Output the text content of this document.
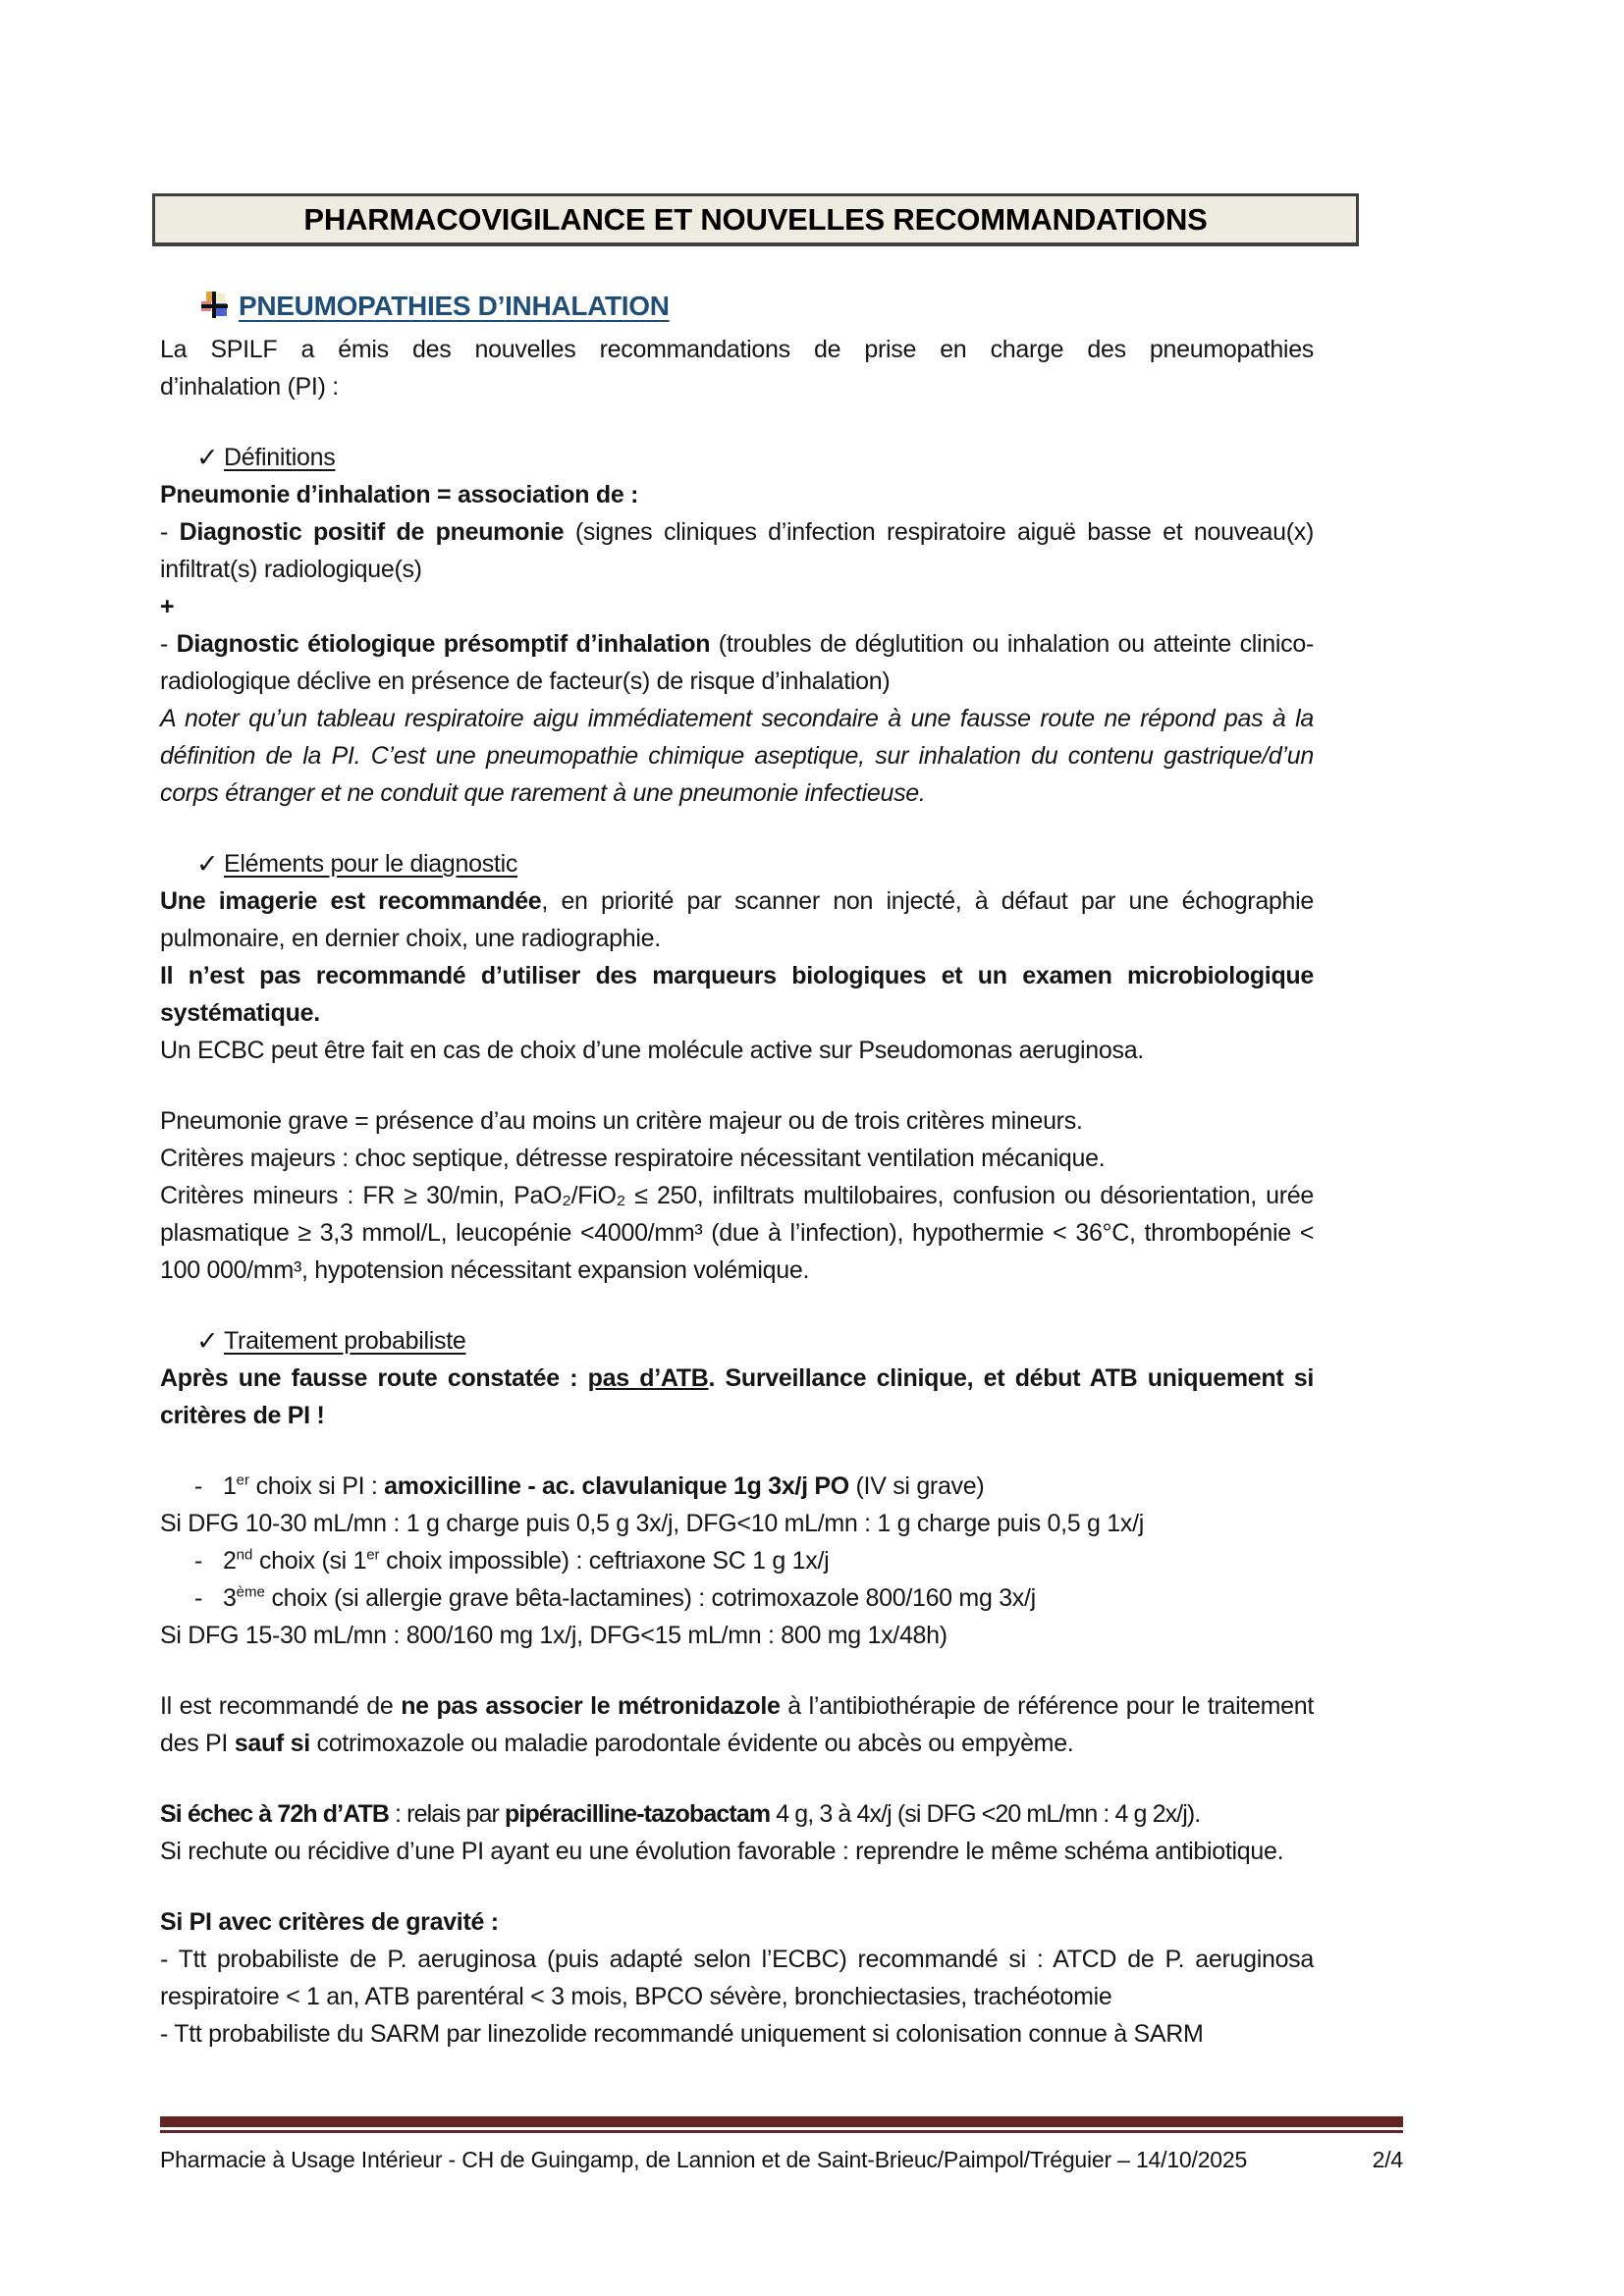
PHARMACOVIGILANCE ET NOUVELLES RECOMMANDATIONS
PNEUMOPATHIES D’INHALATION

La SPILF a émis des nouvelles recommandations de prise en charge des pneumopathies

d’inhalation (PI) :

✓ Définitions

Pneumonie d’inhalation = association de :

- Diagnostic positif de pneumonie (signes cliniques d’infection respiratoire aiguë basse et nouveau(x) infiltrat(s) radiologique(s)

+

- Diagnostic étiologique présomptif d’inhalation (troubles de déglutition ou inhalation ou atteinte clinico-radiologique déclive en présence de facteur(s) de risque d’inhalation)

A noter qu’un tableau respiratoire aigu immédiatement secondaire à une fausse route ne répond pas à la définition de la PI. C’est une pneumopathie chimique aseptique, sur inhalation du contenu gastrique/d’un corps étranger et ne conduit que rarement à une pneumonie infectieuse.

✓ Eléments pour le diagnostic

Une imagerie est recommandée, en priorité par scanner non injecté, à défaut par une échographie pulmonaire, en dernier choix, une radiographie.

Il n’est pas recommandé d’utiliser des marqueurs biologiques et un examen microbiologique systématique.

Un ECBC peut être fait en cas de choix d’une molécule active sur Pseudomonas aeruginosa.

Pneumonie grave = présence d’au moins un critère majeur ou de trois critères mineurs.

Critères majeurs : choc septique, détresse respiratoire nécessitant ventilation mécanique.

Critères mineurs : FR ≥ 30/min, PaO₂/FiO₂ ≤ 250, infiltrats multilobaires, confusion ou désorientation, urée plasmatique ≥ 3,3 mmol/L, leucopénie <4000/mm³ (due à l’infection), hypothermie < 36°C, thrombopénie < 100 000/mm³, hypotension nécessitant expansion volémique.

✓ Traitement probabiliste

Après une fausse route constatée : pas d’ATB. Surveillance clinique, et début ATB uniquement si critères de PI !

- 1er choix si PI : amoxicilline - ac. clavulanique 1g 3x/j PO (IV si grave)

Si DFG 10-30 mL/mn : 1 g charge puis 0,5 g 3x/j, DFG<10 mL/mn : 1 g charge puis 0,5 g 1x/j

- 2nd choix (si 1er choix impossible) : ceftriaxone SC 1 g 1x/j
- 3ème choix (si allergie grave bêta-lactamines) : cotrimoxazole 800/160 mg 3x/j

Si DFG 15-30 mL/mn : 800/160 mg 1x/j, DFG<15 mL/mn : 800 mg 1x/48h)

Il est recommandé de ne pas associer le métronidazole à l’antibiothérapie de référence pour le traitement des PI sauf si cotrimoxazole ou maladie parodontale évidente ou abcès ou empyème.

Si échec à 72h d’ATB : relais par pipéracilline-tazobactam 4 g, 3 à 4x/j (si DFG <20 mL/mn : 4 g 2x/j).

Si rechute ou récidive d’une PI ayant eu une évolution favorable : reprendre le même schéma antibiotique.

Si PI avec critères de gravité :

- Ttt probabiliste de P. aeruginosa (puis adapté selon l’ECBC) recommandé si : ATCD de P. aeruginosa respiratoire < 1 an, ATB parentéral < 3 mois, BPCO sévère, bronchiectasies, trachéotomie

- Ttt probabiliste du SARM par linezolide recommandé uniquement si colonisation connue à SARM

Pharmacie à Usage Intérieur - CH de Guingamp, de Lannion et de Saint-Brieuc/Paimpol/Tréguier – 14/10/2025	2/4
